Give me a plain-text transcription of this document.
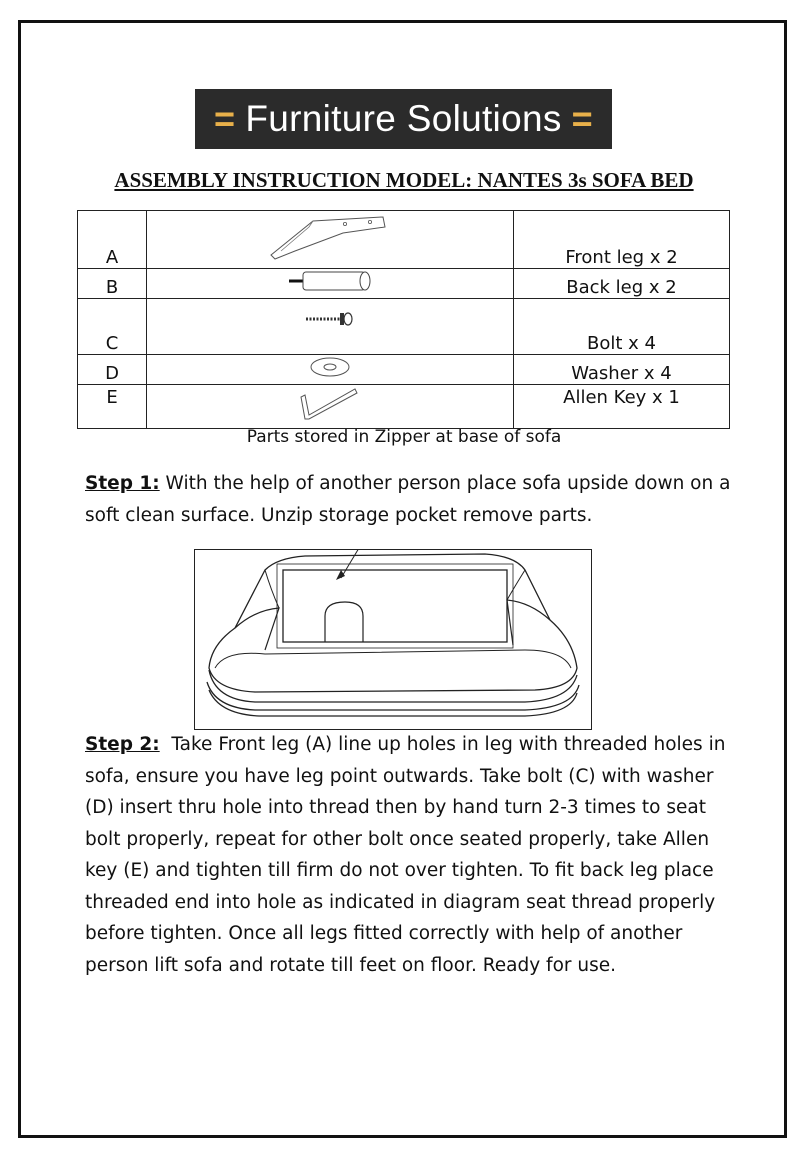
= Furniture Solutions =
ASSEMBLY INSTRUCTION MODEL: NANTES 3s SOFA BED
A		Front leg x 2
B		Back leg x 2
C		Bolt x 4
D		Washer x 4
E		Allen Key x 1
Parts stored in Zipper at base of sofa
Step 1: With the help of another person place sofa upside down on a soft clean surface. Unzip storage pocket remove parts.
Step 2:  Take Front leg (A) line up holes in leg with threaded holes in sofa, ensure you have leg point outwards. Take bolt (C) with washer (D) insert thru hole into thread then by hand turn 2-3 times to seat bolt properly, repeat for other bolt once seated properly, take Allen key (E) and tighten till firm do not over tighten. To fit back leg place threaded end into hole as indicated in diagram seat thread properly before tighten. Once all legs fitted correctly with help of another person lift sofa and rotate till feet on floor. Ready for use.
